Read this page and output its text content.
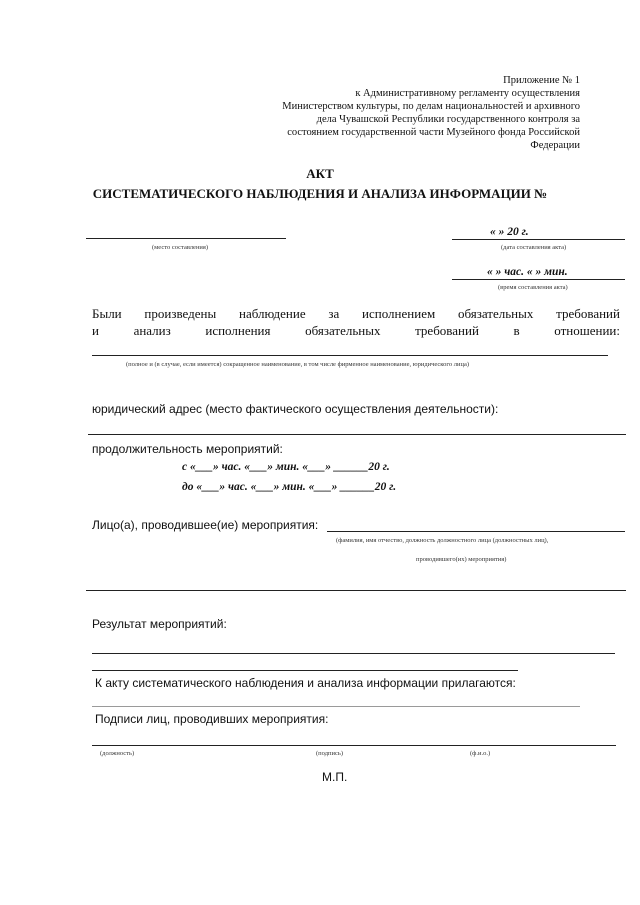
Приложение № 1
к Административному регламенту осуществления
Министерством культуры, по делам национальностей и архивного
дела Чувашской Республики государственного контроля за
состоянием государственной части Музейного фонда Российской
Федерации
АКТ
СИСТЕМАТИЧЕСКОГО НАБЛЮДЕНИЯ И АНАЛИЗА ИНФОРМАЦИИ №
(место составления)
« » 20 г.
(дата составления акта)
« » час. « » мин.
(время составления акта)
Были произведены наблюдение за исполнением обязательных требований
и	анализ	исполнения	обязательных	требований	в	отношении:
(полное и (в случае, если имеется) сокращенное наименование, в том числе фирменное наименование, юридического лица)
юридический адрес (место фактического осуществления деятельности):
продолжительность мероприятий:
с «___» час. «___» мин. «___» ______20 г.
до «___» час. «___» мин. «___» ______20 г.
Лицо(а), проводившее(ие) мероприятия:
(фамилия, имя отчество, должность должностного лица (должностных лиц),
проводившего(их) мероприятия)
Результат мероприятий:
К акту систематического наблюдения и анализа информации прилагаются:
Подписи лиц, проводивших мероприятия:
(должность)	(подпись)	(ф.и.о.)
М.П.
